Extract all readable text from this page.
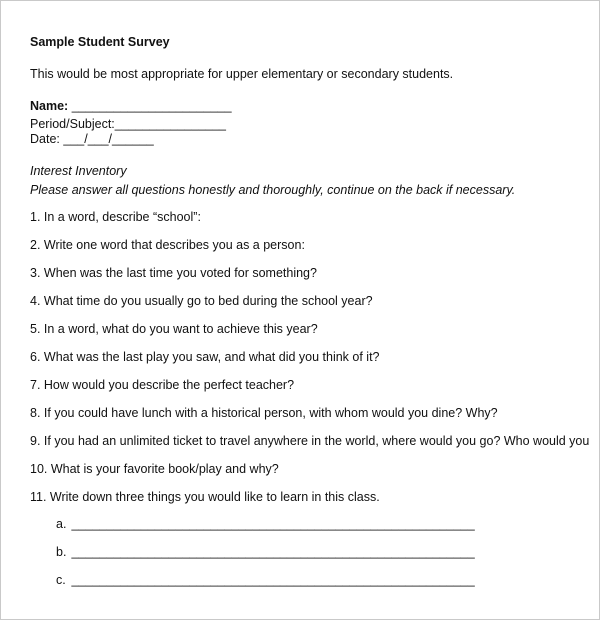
Sample Student Survey
This would be most appropriate for upper elementary or secondary students.
Name: _______________________
Period/Subject:________________
Date: ___/___/______
Interest Inventory
Please answer all questions honestly and thoroughly, continue on the back if necessary.
1. In a word, describe “school”:
2. Write one word that describes you as a person:
3. When was the last time you voted for something?
4. What time do you usually go to bed during the school year?
5. In a word, what do you want to achieve this year?
6. What was the last play you saw, and what did you think of it?
7. How would you describe the perfect teacher?
8. If you could have lunch with a historical person, with whom would you dine? Why?
9. If you had an unlimited ticket to travel anywhere in the world, where would you go? Who would you
10. What is your favorite book/play and why?
11. Write down three things you would like to learn in this class.
a. __________________________________________________________
b. __________________________________________________________
c. __________________________________________________________
